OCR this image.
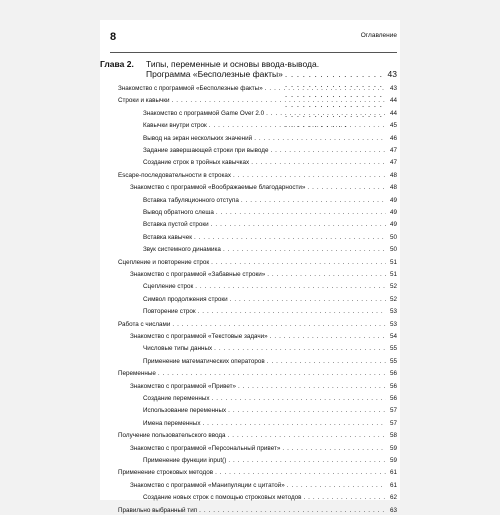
8	Оглавление
Глава 2. Типы, переменные и основы ввода-вывода.
Программа «Бесполезные факты» . . .	43
Знакомство с программой «Бесполезные факты» . . .	43
Строки и кавычки . . .	44
Знакомство с программой Game Over 2.0 . . .	44
Кавычки внутри строк . . .	45
Вывод на экран нескольких значений . . .	46
Задание завершающей строки при выводе . . .	47
Создание строк в тройных кавычках . . .	47
Escape-последовательности в строках . . .	48
Знакомство с программой «Воображаемые благодарности» . . .	48
Вставка табуляционного отступа . . .	49
Вывод обратного слеша . . .	49
Вставка пустой строки . . .	49
Вставка кавычек . . .	50
Звук системного динамика . . .	50
Сцепление и повторение строк . . .	51
Знакомство с программой «Забавные строки» . . .	51
Сцепление строк . . .	52
Символ продолжения строки . . .	52
Повторение строк . . .	53
Работа с числами . . .	53
Знакомство с программой «Текстовые задачи» . . .	54
Числовые типы данных . . .	55
Применение математических операторов . . .	55
Переменные . . .	56
Знакомство с программой «Привет» . . .	56
Создание переменных . . .	56
Использование переменных . . .	57
Имена переменных . . .	57
Получение пользовательского ввода . . .	58
Знакомство с программой «Персональный привет» . . .	59
Применение функции input() . . .	59
Применение строковых методов . . .	61
Знакомство с программой «Манипуляции с цитатой» . . .	61
Создание новых строк с помощью строковых методов . . .	62
Правильно выбранный тип . . .	63
